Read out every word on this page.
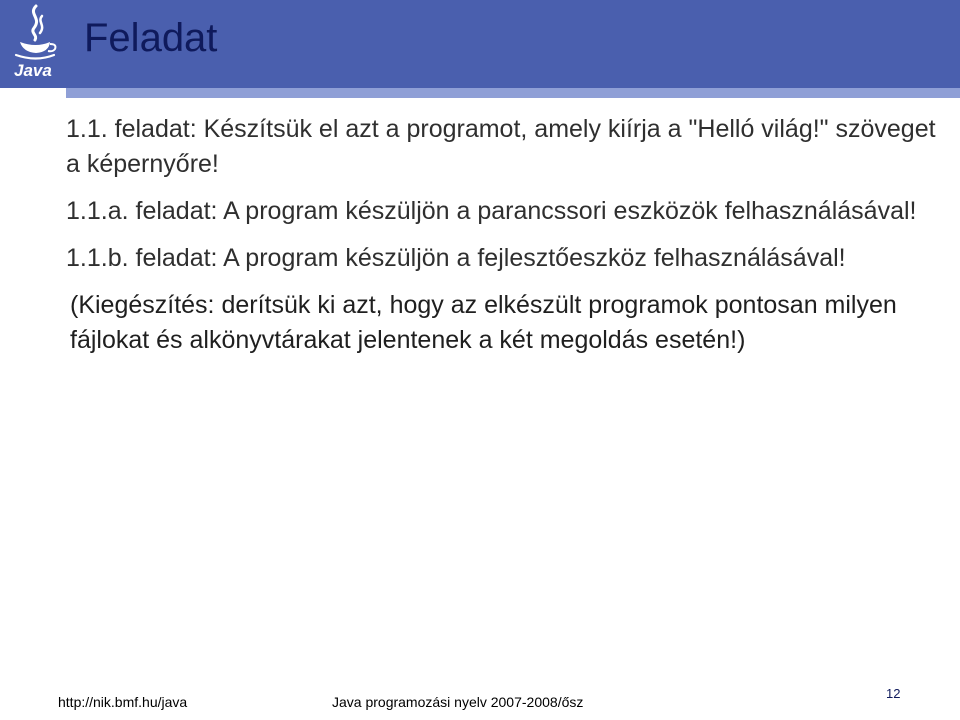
Java
Feladat

1.1. feladat: Készítsük el azt a programot, amely kiírja a "Helló világ!" szöveget a képernyőre!

1.1.a. feladat: A program készüljön a parancssori eszközök felhasználásával!

1.1.b. feladat: A program készüljön a fejlesztőeszköz felhasználásával!

(Kiegészítés: derítsük ki azt, hogy az elkészült programok pontosan milyen fájlokat és alkönyvtárakat jelentenek a két megoldás esetén!)

http://nik.bmf.hu/java	Java programozási nyelv 2007-2008/ősz
12
